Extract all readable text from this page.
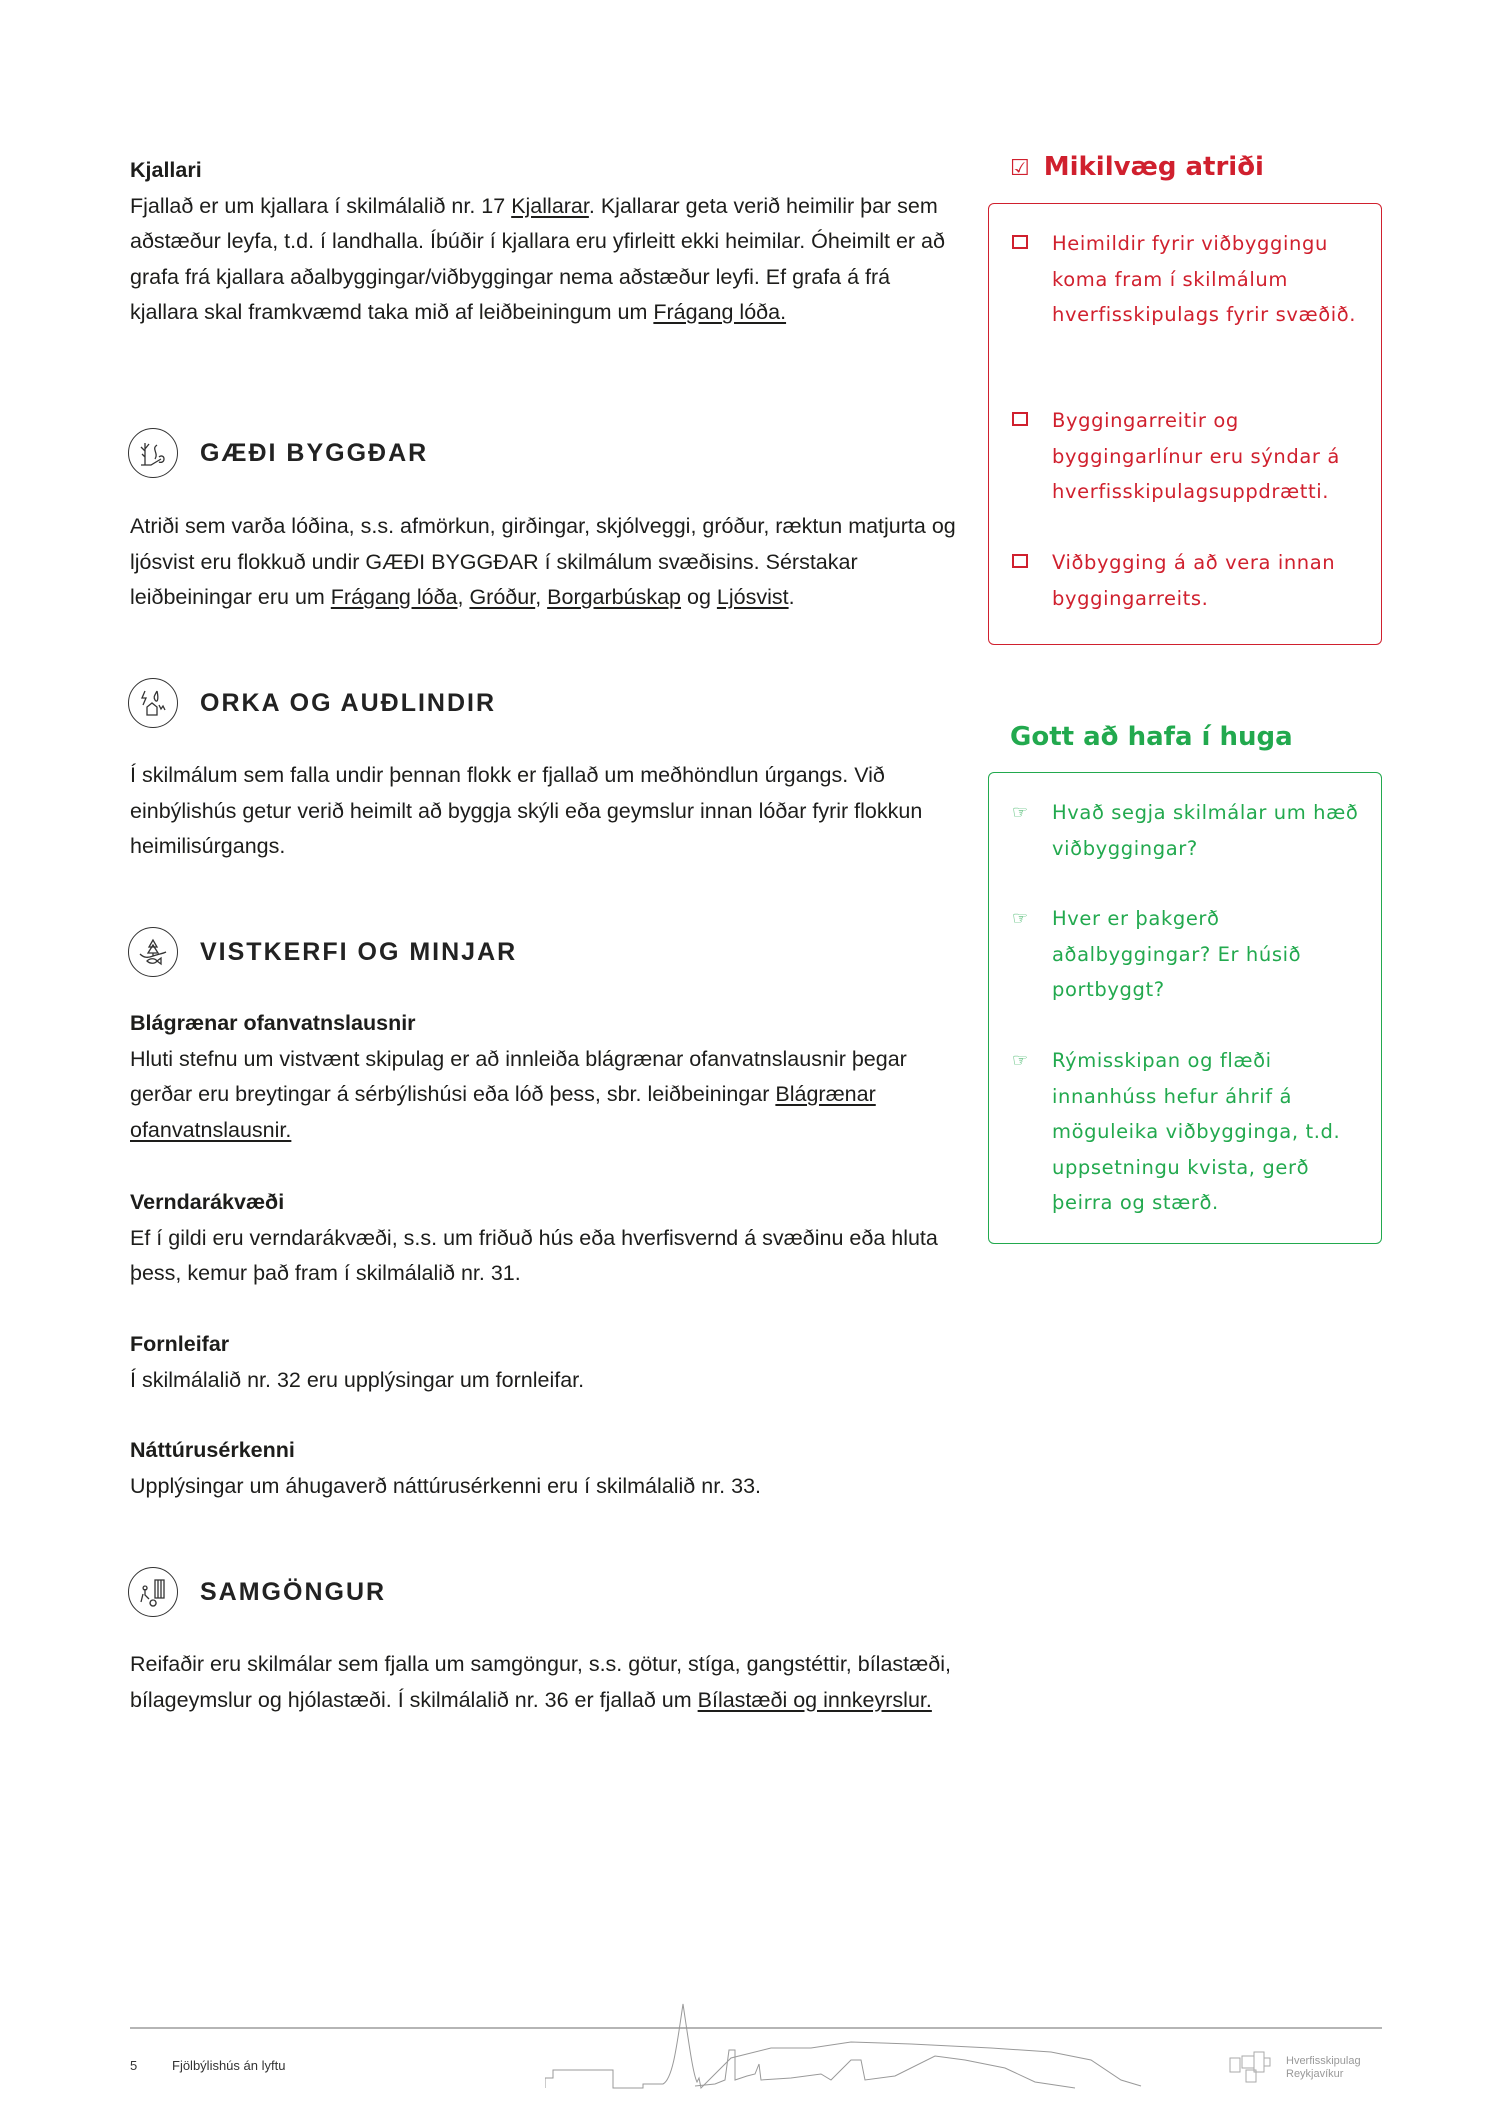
Kjallari
Fjallað er um kjallara í skilmálalið nr. 17 Kjallarar. Kjallarar geta verið heimilir þar sem aðstæður leyfa, t.d. í landhalla. Íbúðir í kjallara eru yfirleitt ekki heimilar. Óheimilt er að grafa frá kjallara aðalbyggingar/viðbyggingar nema aðstæður leyfi. Ef grafa á frá kjallara skal framkvæmd taka mið af leiðbeiningum um Frágang lóða.
GÆÐI BYGGÐAR
Atriði sem varða lóðina, s.s. afmörkun, girðingar, skjólveggi, gróður, ræktun matjurta og ljósvist eru flokkuð undir GÆÐI BYGGÐAR í skilmálum svæðisins. Sérstakar leiðbeiningar eru um Frágang lóða, Gróður, Borgarbúskap og Ljósvist.
ORKA OG AUÐLINDIR
Í skilmálum sem falla undir þennan flokk er fjallað um meðhöndlun úrgangs. Við einbýlishús getur verið heimilt að byggja skýli eða geymslur innan lóðar fyrir flokkun heimilisúrgangs.
VISTKERFI OG MINJAR
Blágrænar ofanvatnslausnir
Hluti stefnu um vistvænt skipulag er að innleiða blágrænar ofanvatnslausnir þegar gerðar eru breytingar á sérbýlishúsi eða lóð þess, sbr. leiðbeiningar Blágrænar ofanvatnslausnir.
Verndarákvæði
Ef í gildi eru verndarákvæði, s.s. um friðuð hús eða hverfisvernd á svæðinu eða hluta þess, kemur það fram í skilmálalið nr. 31.
Fornleifar
Í skilmálalið nr. 32 eru upplýsingar um fornleifar.
Náttúrusérkenni
Upplýsingar um áhugaverð náttúrusérkenni eru í skilmálalið nr. 33.
SAMGÖNGUR
Reifaðir eru skilmálar sem fjalla um samgöngur, s.s. götur, stíga, gangstéttir, bílastæði, bílageymslur og hjólastæði. Í skilmálalið nr. 36 er fjallað um Bílastæði og innkeyrslur.
☑ Mikilvæg atriði
Heimildir fyrir viðbyggingu koma fram í skilmálum hverfisskipulags fyrir svæðið.
Byggingarreitir og byggingarlínur eru sýndar á hverfisskipulagsuppdrætti.
Viðbygging á að vera innan byggingarreits.
Gott að hafa í huga
☞ Hvað segja skilmálar um hæð viðbyggingar?
☞ Hver er þakgerð aðalbyggingar? Er húsið portbyggt?
☞ Rýmisskipan og flæði innanhúss hefur áhrif á möguleika viðbygginga, t.d. uppsetningu kvista, gerð þeirra og stærð.
5	Fjölbýlishús án lyftu	Hverfisskipulag
Reykjavíkur
